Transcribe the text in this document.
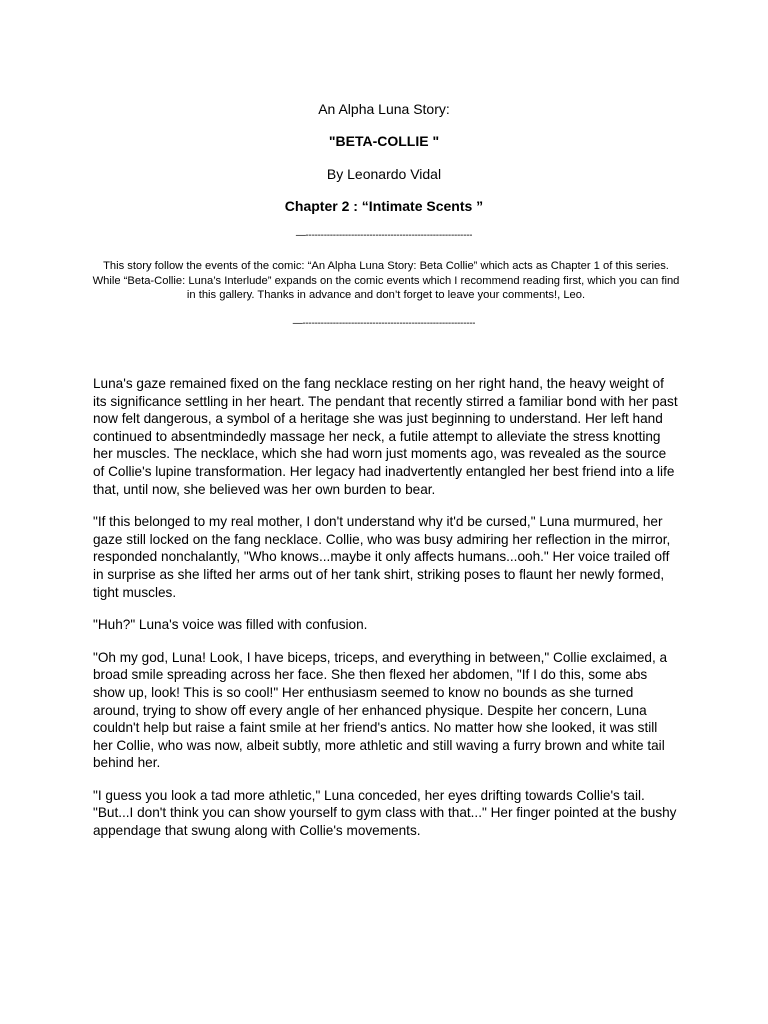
An Alpha Luna Story:
"BETA-COLLIE "
By Leonardo Vidal
Chapter 2 : “Intimate Scents ”
—-------------------------------------------------------
This story follow the events of the comic: “An Alpha Luna Story: Beta Collie” which acts as Chapter 1 of this series. While “Beta-Collie: Luna’s Interlude” expands on the comic events which I recommend reading first, which you can find in this gallery. Thanks in advance and don’t forget to leave your comments!, Leo.
—---------------------------------------------------------

Luna's gaze remained fixed on the fang necklace resting on her right hand, the heavy weight of its significance settling in her heart. The pendant that recently stirred a familiar bond with her past now felt dangerous, a symbol of a heritage she was just beginning to understand. Her left hand continued to absentmindedly massage her neck, a futile attempt to alleviate the stress knotting her muscles. The necklace, which she had worn just moments ago, was revealed as the source of Collie's lupine transformation. Her legacy had inadvertently entangled her best friend into a life that, until now, she believed was her own burden to bear.

"If this belonged to my real mother, I don't understand why it'd be cursed," Luna murmured, her gaze still locked on the fang necklace. Collie, who was busy admiring her reflection in the mirror, responded nonchalantly, "Who knows...maybe it only affects humans...ooh." Her voice trailed off in surprise as she lifted her arms out of her tank shirt, striking poses to flaunt her newly formed, tight muscles.

"Huh?" Luna's voice was filled with confusion.

"Oh my god, Luna! Look, I have biceps, triceps, and everything in between," Collie exclaimed, a broad smile spreading across her face. She then flexed her abdomen, "If I do this, some abs show up, look! This is so cool!" Her enthusiasm seemed to know no bounds as she turned around, trying to show off every angle of her enhanced physique. Despite her concern, Luna couldn't help but raise a faint smile at her friend's antics. No matter how she looked, it was still her Collie, who was now, albeit subtly, more athletic and still waving a furry brown and white tail behind her.

"I guess you look a tad more athletic," Luna conceded, her eyes drifting towards Collie's tail. "But...I don't think you can show yourself to gym class with that..." Her finger pointed at the bushy appendage that swung along with Collie's movements.
